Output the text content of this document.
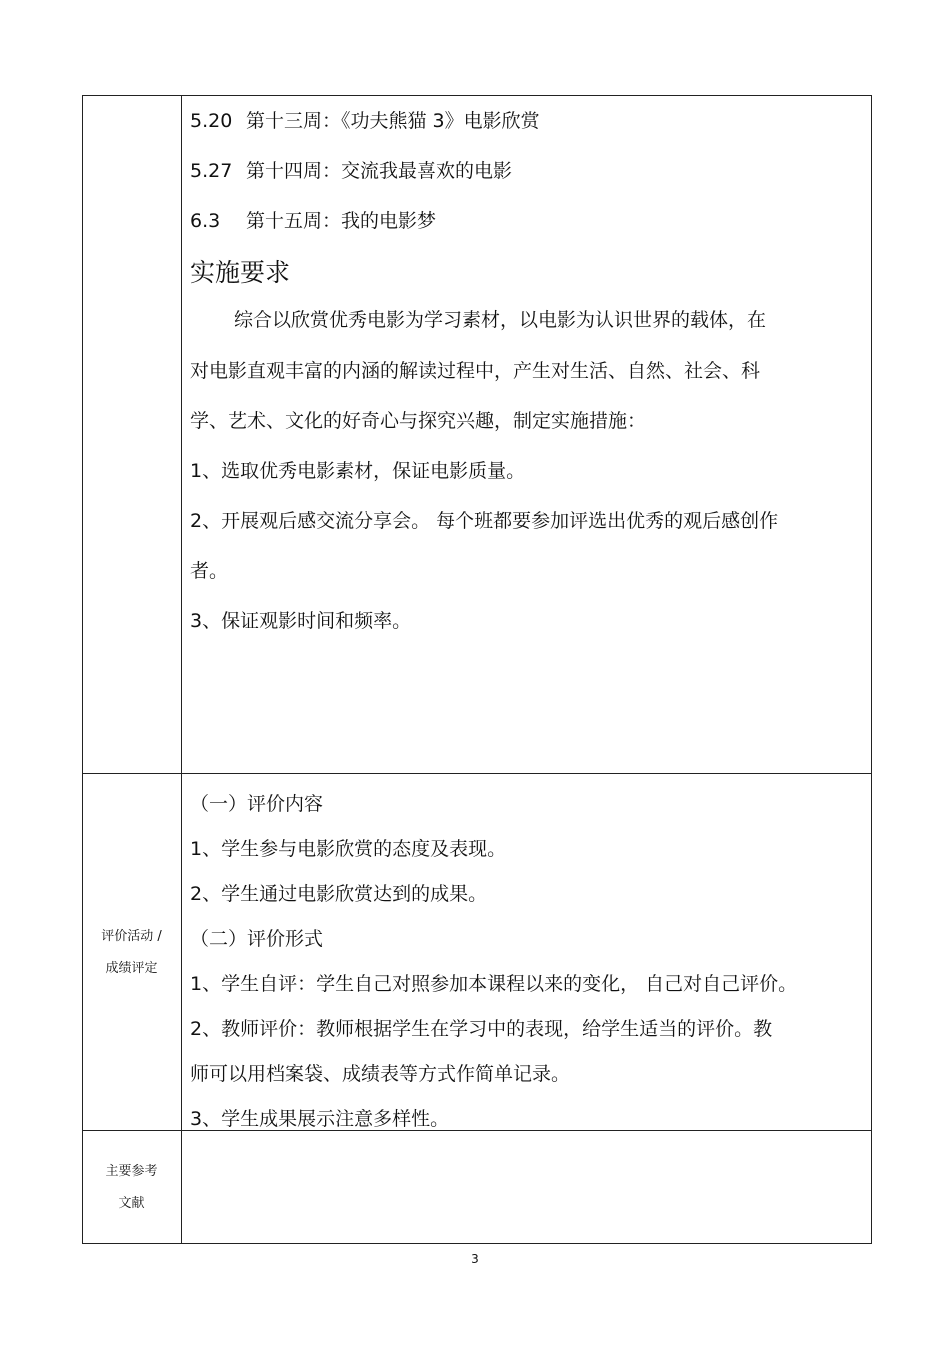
5.20 第十三周：《功夫熊猫 3》电影欣赏
5.27 第十四周：交流我最喜欢的电影
6.3 第十五周：我的电影梦
实施要求
综合以欣赏优秀电影为学习素材，以电影为认识世界的载体，在
对电影直观丰富的内涵的解读过程中，产生对生活、自然、社会、科
学、艺术、文化的好奇心与探究兴趣，制定实施措施：
1、选取优秀电影素材，保证电影质量。
2、开展观后感交流分享会。 每个班都要参加评选出优秀的观后感创作
者。
3、保证观影时间和频率。
评价活动 /
成绩评定
（一）评价内容
1、学生参与电影欣赏的态度及表现。
2、学生通过电影欣赏达到的成果。
（二）评价形式
1、学生自评：学生自己对照参加本课程以来的变化， 自己对自己评价。
2、教师评价：教师根据学生在学习中的表现，给学生适当的评价。教
师可以用档案袋、成绩表等方式作简单记录。
3、学生成果展示注意多样性。
主要参考
文献
3
